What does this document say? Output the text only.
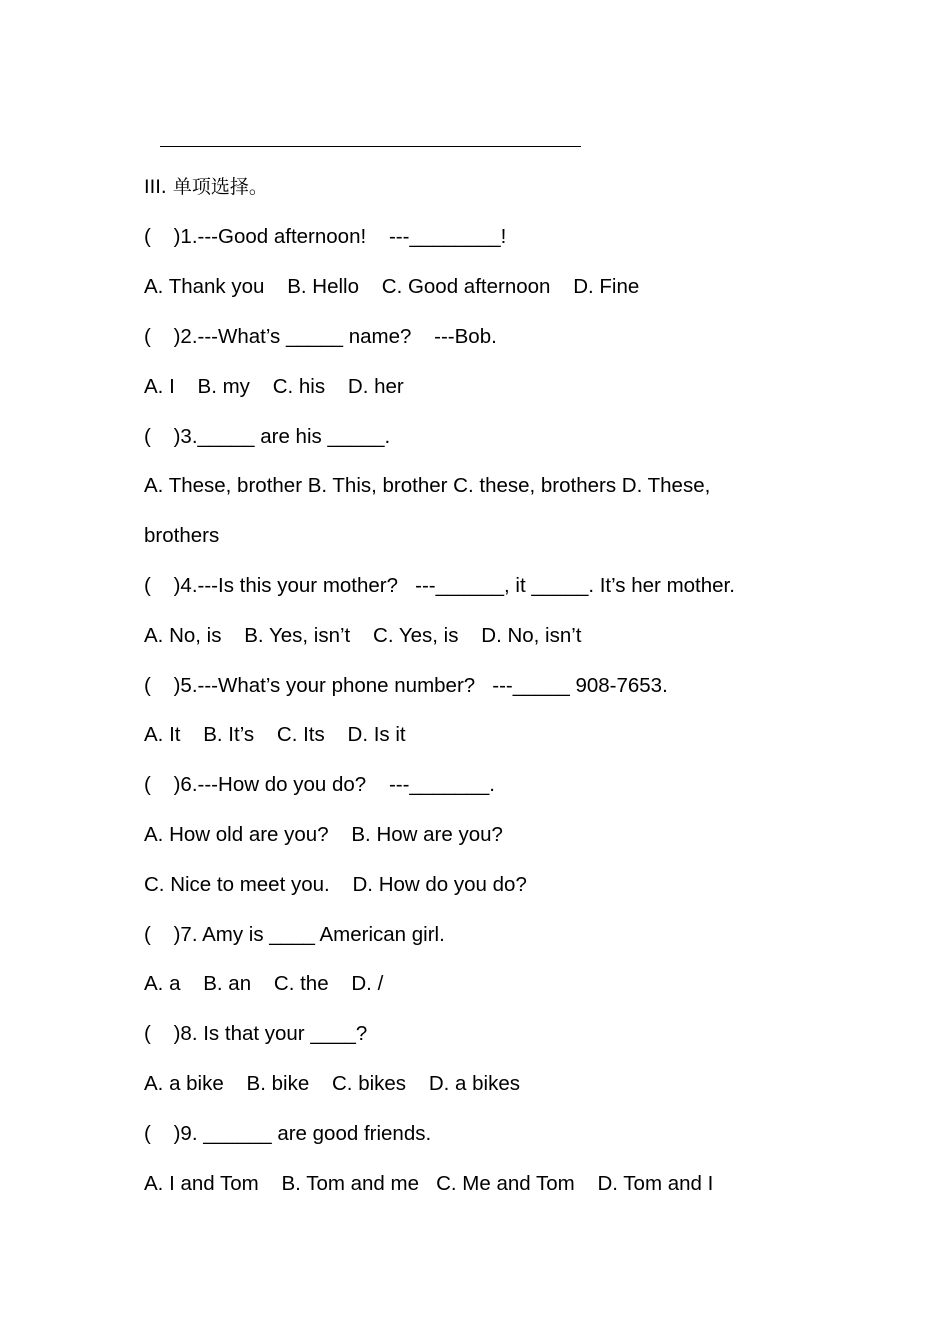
III. 单项选择。
(    )1.---Good afternoon!    ---________!
A. Thank you    B. Hello    C. Good afternoon    D. Fine
(    )2.---What’s _____ name?    ---Bob.
A. I    B. my    C. his    D. her
(    )3._____ are his _____.
A. These, brother B. This, brother C. these, brothers D. These,
brothers
(    )4.---Is this your mother?   ---______, it _____. It’s her mother.
A. No, is    B. Yes, isn’t    C. Yes, is    D. No, isn’t
(    )5.---What’s your phone number?   ---_____ 908-7653.
A. It    B. It’s    C. Its    D. Is it
(    )6.---How do you do?    ---_______.
A. How old are you?    B. How are you?
C. Nice to meet you.    D. How do you do?
(    )7. Amy is ____ American girl.
A. a    B. an    C. the    D. /
(    )8. Is that your ____?
A. a bike    B. bike    C. bikes    D. a bikes
(    )9. ______ are good friends.
A. I and Tom    B. Tom and me   C. Me and Tom    D. Tom and I
